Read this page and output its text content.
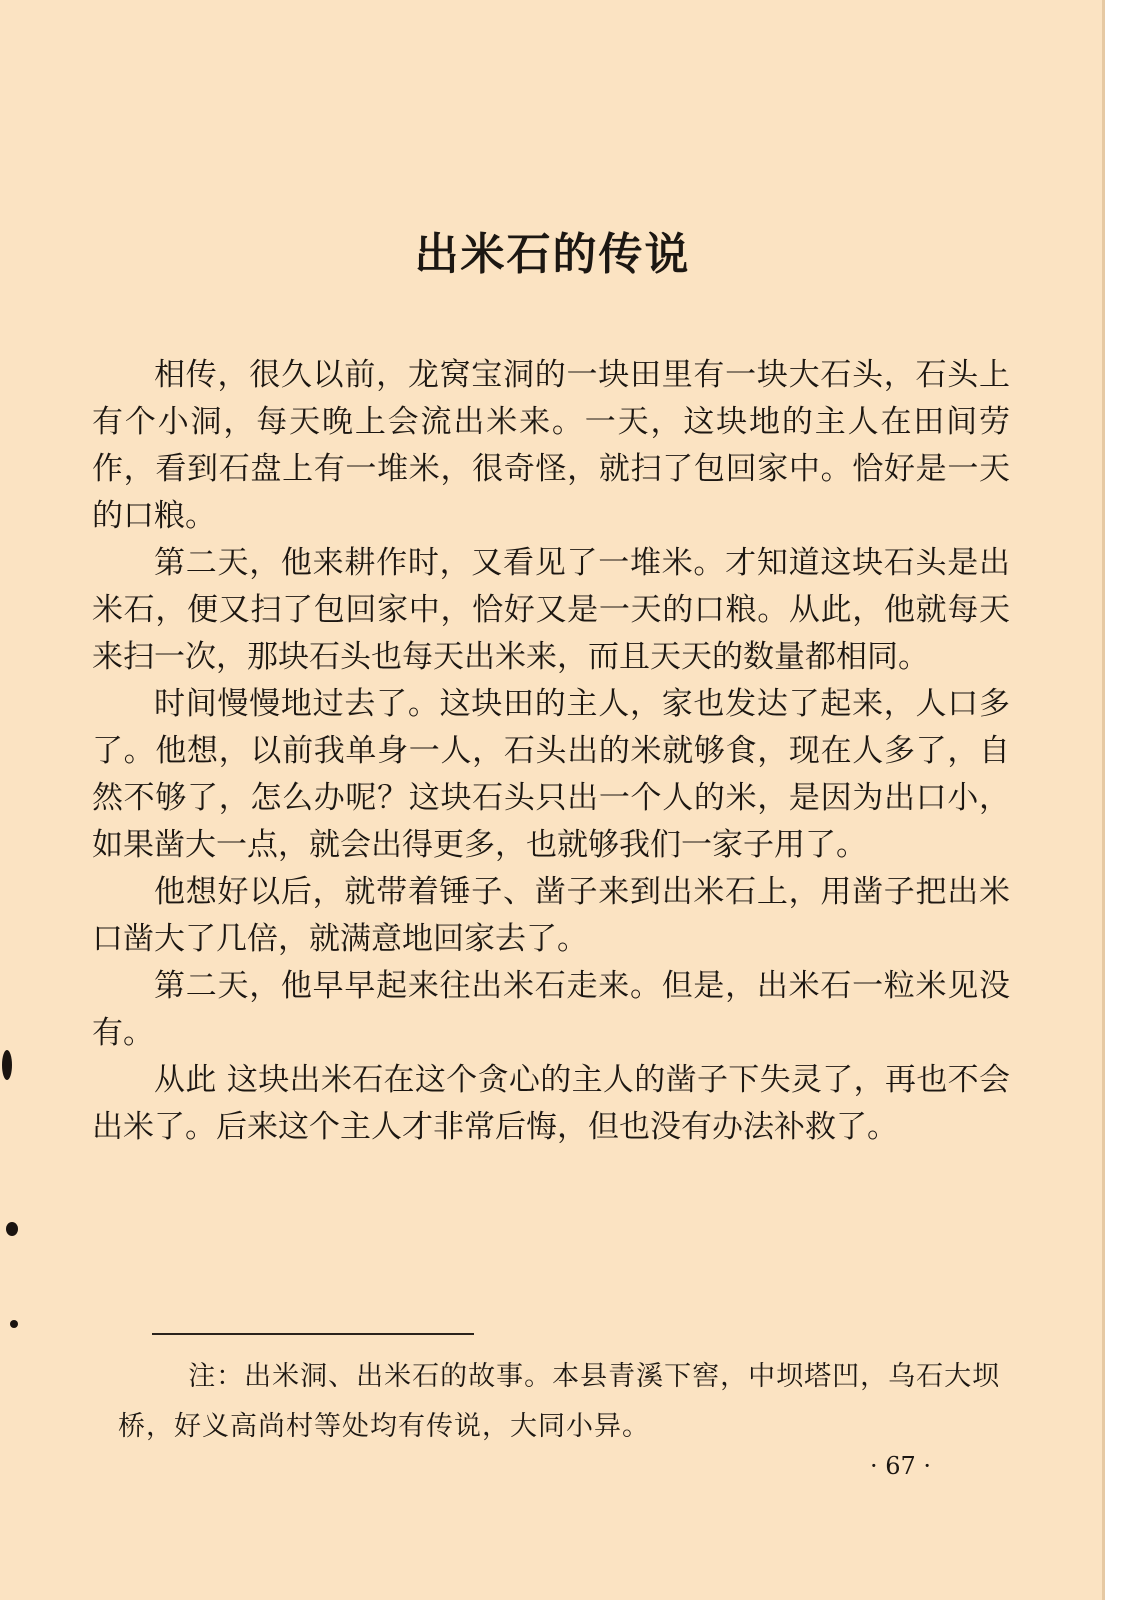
出米石的传说

相传，很久以前，龙窝宝洞的一块田里有一块大石头，石头上有个小洞，每天晚上会流出米来。一天，这块地的主人在田间劳作，看到石盘上有一堆米，很奇怪，就扫了包回家中。恰好是一天的口粮。

第二天，他来耕作时，又看见了一堆米。才知道这块石头是出米石，便又扫了包回家中，恰好又是一天的口粮。从此，他就每天来扫一次，那块石头也每天出米来，而且天天的数量都相同。

时间慢慢地过去了。这块田的主人，家也发达了起来，人口多了。他想，以前我单身一人，石头出的米就够食，现在人多了，自然不够了，怎么办呢？这块石头只出一个人的米，是因为出口小，如果凿大一点，就会出得更多，也就够我们一家子用了。

他想好以后，就带着锤子、凿子来到出米石上，用凿子把出米口凿大了几倍，就满意地回家去了。

第二天，他早早起来往出米石走来。但是，出米石一粒米见没有。

从此 这块出米石在这个贪心的主人的凿子下失灵了，再也不会出米了。后来这个主人才非常后悔，但也没有办法补救了。

注：出米洞、出米石的故事。本县青溪下窖，中坝塔凹，乌石大坝桥，好义高尚村等处均有传说，大同小异。

· 67 ·
